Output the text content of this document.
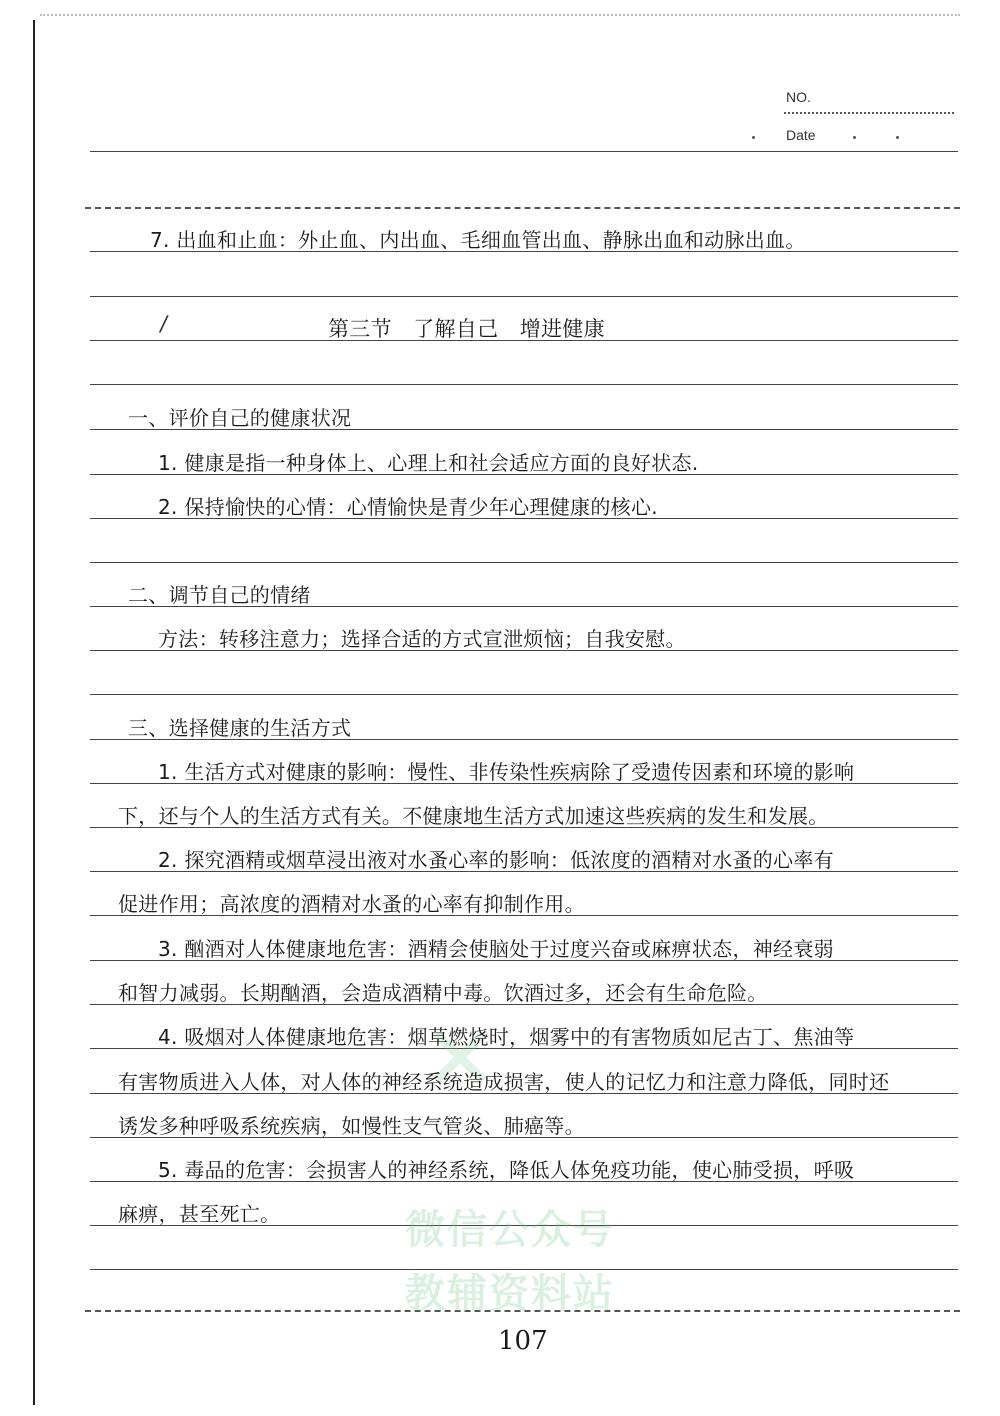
NO.
Date
✕
7. 出血和止血：外止血、内出血、毛细血管出血、静脉出血和动脉出血。
/	第三节　了解自己　增进健康
一、评价自己的健康状况
1. 健康是指一种身体上、心理上和社会适应方面的良好状态.
2. 保持愉快的心情：心情愉快是青少年心理健康的核心.
二、调节自己的情绪
方法：转移注意力；选择合适的方式宣泄烦恼；自我安慰。
三、选择健康的生活方式
1. 生活方式对健康的影响：慢性、非传染性疾病除了受遗传因素和环境的影响
下，还与个人的生活方式有关。不健康地生活方式加速这些疾病的发生和发展。
2. 探究酒精或烟草浸出液对水蚤心率的影响：低浓度的酒精对水蚤的心率有
促进作用；高浓度的酒精对水蚤的心率有抑制作用。
3. 酗酒对人体健康地危害：酒精会使脑处于过度兴奋或麻痹状态，神经衰弱
和智力减弱。长期酗酒，会造成酒精中毒。饮酒过多，还会有生命危险。
4. 吸烟对人体健康地危害：烟草燃烧时，烟雾中的有害物质如尼古丁、焦油等
有害物质进入人体，对人体的神经系统造成损害，使人的记忆力和注意力降低，同时还
诱发多种呼吸系统疾病，如慢性支气管炎、肺癌等。
5. 毒品的危害：会损害人的神经系统，降低人体免疫功能，使心肺受损，呼吸
麻痹，甚至死亡。	微信公众号
教辅资料站
107
